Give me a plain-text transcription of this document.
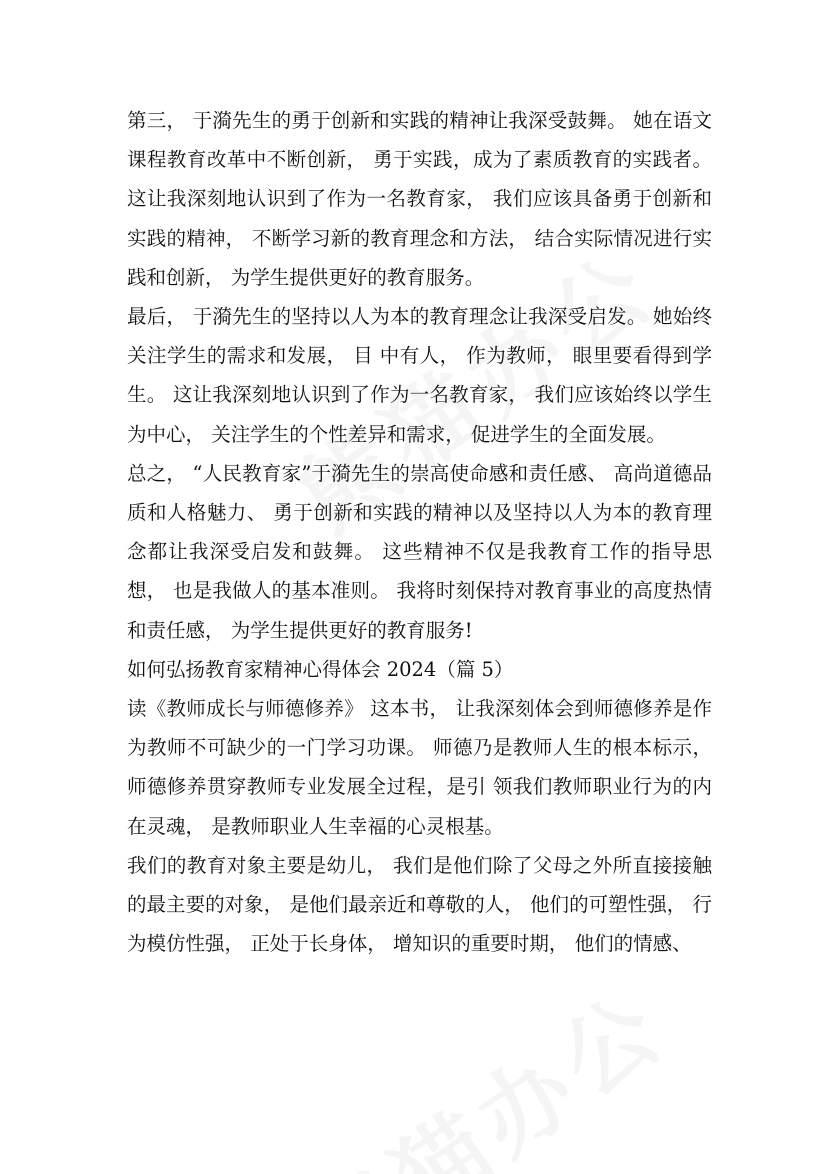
第三， 于漪先生的勇于创新和实践的精神让我深受鼓舞。 她在语文课程教育改革中不断创新， 勇于实践，成为了素质教育的实践者。这让我深刻地认识到了作为一名教育家， 我们应该具备勇于创新和实践的精神， 不断学习新的教育理念和方法， 结合实际情况进行实践和创新， 为学生提供更好的教育服务。

最后， 于漪先生的坚持以人为本的教育理念让我深受启发。 她始终关注学生的需求和发展， 目 中有人， 作为教师， 眼里要看得到学生。 这让我深刻地认识到了作为一名教育家， 我们应该始终以学生为中心， 关注学生的个性差异和需求， 促进学生的全面发展。

总之， “人民教育家”于漪先生的崇高使命感和责任感、 高尚道德品质和人格魅力、 勇于创新和实践的精神以及坚持以人为本的教育理念都让我深受启发和鼓舞。 这些精神不仅是我教育工作的指导思想， 也是我做人的基本准则。 我将时刻保持对教育事业的高度热情和责任感， 为学生提供更好的教育服务!

如何弘扬教育家精神心得体会 2024（篇 5）

读《教师成长与师德修养》 这本书， 让我深刻体会到师德修养是作为教师不可缺少的一门学习功课。 师德乃是教师人生的根本标示，师德修养贯穿教师专业发展全过程，是引 领我们教师职业行为的内在灵魂， 是教师职业人生幸福的心灵根基。

我们的教育对象主要是幼儿， 我们是他们除了父母之外所直接接触的最主要的对象， 是他们最亲近和尊敬的人， 他们的可塑性强， 行为模仿性强， 正处于长身体， 增知识的重要时期， 他们的情感、
